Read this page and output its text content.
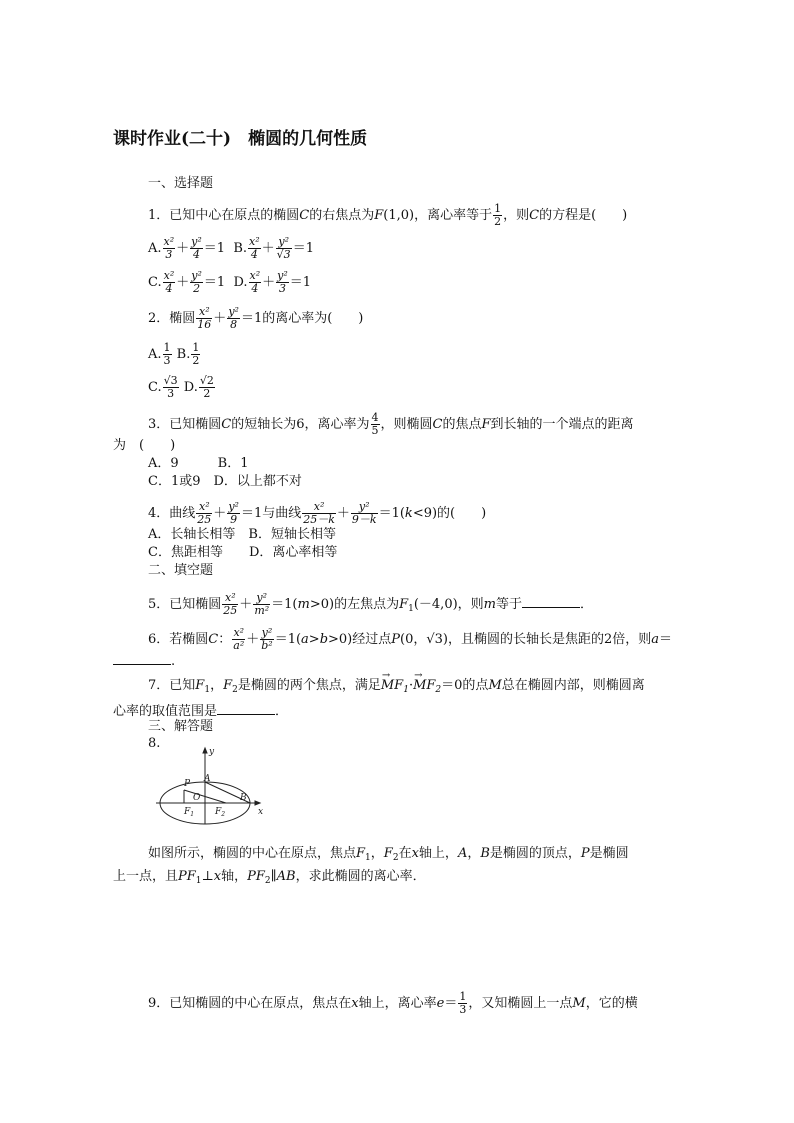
课时作业(二十)　椭圆的几何性质
一、选择题
1．已知中心在原点的椭圆C的右焦点为F(1,0)，离心率等于 $\frac{1}{2}$ ，则C的方程是(　　)
A. $\frac{\text{x²}}{3} + \frac{\text{y²}}{4} =1$ B. $\frac{\text{x²}}{4} + \frac{\text{y²}}{√3} =1$
C. $\frac{\text{x²}}{4} + \frac{\text{y²}}{2} =1$ D. $\frac{\text{x²}}{4} + \frac{\text{y²}}{3} =1$
2．椭圆 $\frac{\text{x²}}{16} + \frac{\text{y²}}{8} =1$的离心率为(　　)
A. $\frac{1}{3} B$. $\frac{1}{2}$
C. $\frac{√3}{3} D$. $\frac{√2}{2}$
3．已知椭圆C的短轴长为6，离心率为 $\frac{4}{5}$ ，则椭圆C的焦点F到长轴的一个端点的距离
为　(　　)
A．9　　　B．1
C．1或9　D．以上都不对
4．曲线 $\frac{\text{x²}}{25} + \frac{\text{y²}}{9} =1$与曲线 $\frac{\text{x²}}{25-k} + \frac{\text{y²}}{9-k} =1(k<9)$的(　　)
A．长轴长相等　B．短轴长相等
C．焦距相等　　D．离心率相等
二、填空题
5．已知椭圆 $\frac{\text{x²}}{25} + \frac{\text{y²}}{\text{m²}} =1(m>0)$的左焦点为$F_1(-4,0)$，则m等于	．
6．若椭圆C： $\frac{\text{x²}}{\text{a²}} + \frac{\text{y²}}{\text{b²}} =1(a>b>0)$经过点P(0，√3)，且椭圆的长轴长是焦距的2倍，则a＝
.
7．已知$F_1$，$F_2$是椭圆的两个焦点，满足→ $MF_1\cdot\to MF_2=0$的点M总在椭圆内部，则椭圆离
心率的取值范围是	．
三、解答题
8.
y
x
P A
O	B
$F_1$ $F_2$
如图所示，椭圆的中心在原点，焦点$F_1$，$F_2$在x轴上，A，B是椭圆的顶点，P是椭圆
上一点，且$PF_1\perp x$轴，$PF_2\parallel AB$，求此椭圆的离心率．
9．已知椭圆的中心在原点，焦点在x轴上，离心率$e= \frac{1}{3}$ ，又知椭圆上一点M，它的横
